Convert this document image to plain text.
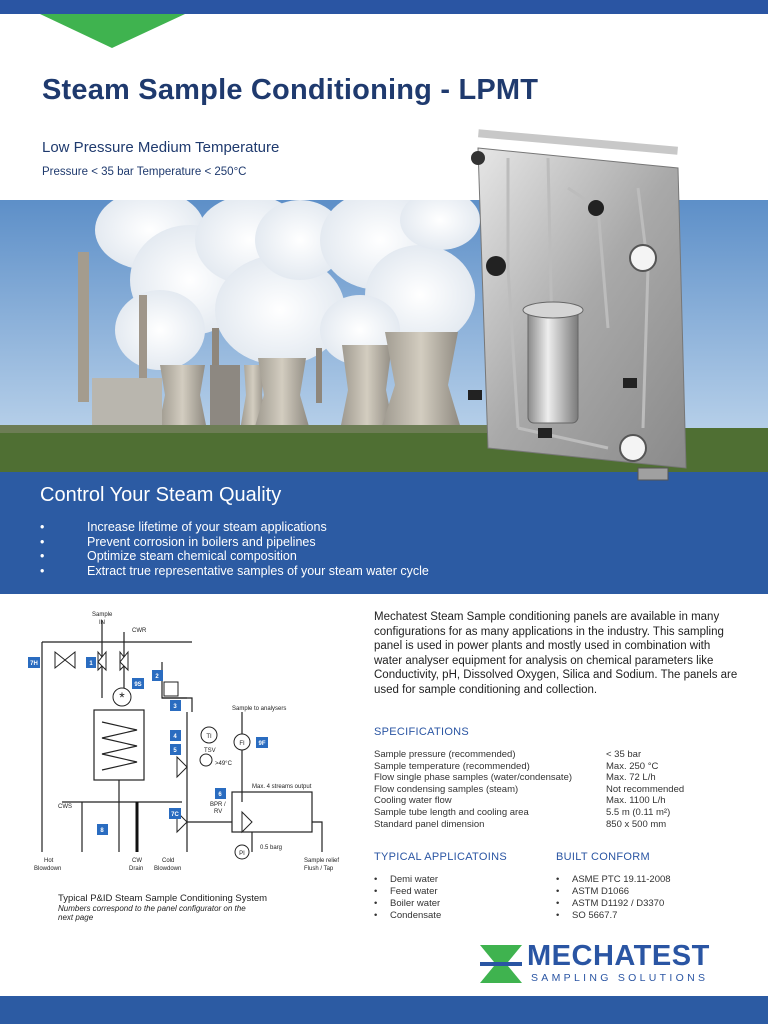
Steam Sample Conditioning - LPMT
Low Pressure Medium Temperature
Pressure < 35 bar Temperature < 250°C
Control Your Steam Quality
• Increase lifetime of your steam applications
• Prevent corrosion in boilers and pipelines
• Optimize steam chemical composition
• Extract true representative samples of your steam water cycle
*
TI
FI
PI
7H	1
9S
2
3
4
5
9F
6
7C
8
Sample
IN
CWR
Sample to analysers
TSV
>49°C
Max. 4 streams output
BPR /
RV
CWS
0.5 barg
Hot
Blowdown
CW
Drain
Cold
Blowdown
Sample relief
Flush / Tap
Typical P&ID Steam Sample Conditioning System
Numbers correspond to the panel configurator on the
next page

Mechatest Steam Sample conditioning panels are available in many configurations for as many applications in the industry. This sampling panel is used in power plants and mostly used in combination with water analyser equipment for analysis on chemical parameters like Conductivity, pH, Dissolved Oxygen, Silica and Sodium. The panels are used for sample conditioning and collection.

SPECIFICATIONS
Sample pressure (recommended)	< 35 bar
Sample temperature (recommended)	Max. 250 °C
Flow single phase samples (water/condensate)	Max. 72 L/h
Flow condensing samples (steam)	Not recommended
Cooling water flow	Max. 1100 L/h
Sample tube length and cooling area	5.5 m (0.11 m²)
Standard panel dimension	850 x 500 mm
TYPICAL APPLICATOINS
• Demi water
• Feed water
• Boiler water
• Condensate
BUILT CONFORM
• ASME PTC 19.11-2008
• ASTM D1066
• ASTM D1192 / D3370
• SO 5667.7
MECHATEST
SAMPLING SOLUTIONS
